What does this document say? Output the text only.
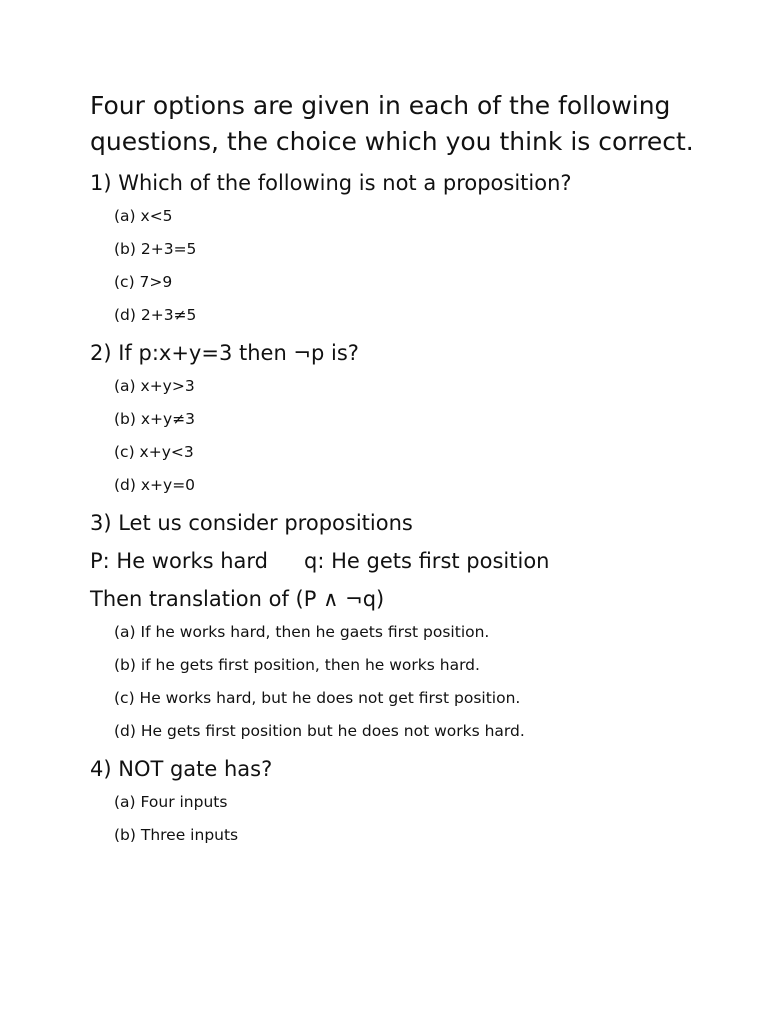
Four options are given in each of the following questions, the choice which you think is correct.

1) Which of the following is not a proposition?

(a) x<5

(b) 2+3=5

(c) 7>9

(d) 2+3≠5

2) If p:x+y=3 then ¬p is?

(a) x+y>3

(b) x+y≠3

(c) x+y<3

(d) x+y=0

3) Let us consider propositions

P: He works hard q: He gets first position

Then translation of (P ∧ ¬q)

(a) If he works hard, then he gaets first position.

(b) if he gets first position, then he works hard.

(c) He works hard, but he does not get first position.

(d) He gets first position but he does not works hard.

4) NOT gate has?

(a) Four inputs

(b) Three inputs
